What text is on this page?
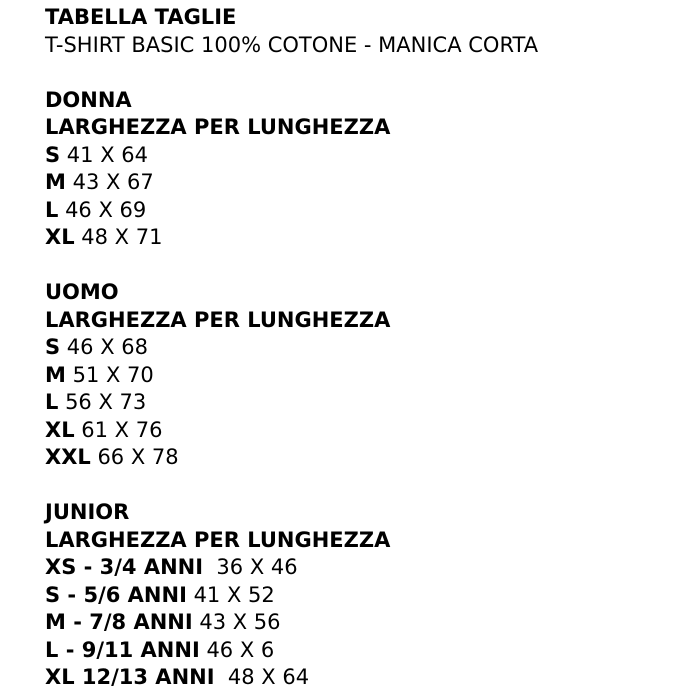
TABELLA TAGLIE
T-SHIRT BASIC 100% COTONE - MANICA CORTA
DONNA
LARGHEZZA PER LUNGHEZZA
S 41 X 64
M 43 X 67
L 46 X 69
XL 48 X 71
UOMO
LARGHEZZA PER LUNGHEZZA
S 46 X 68
M 51 X 70
L 56 X 73
XL 61 X 76
XXL 66 X 78
JUNIOR
LARGHEZZA PER LUNGHEZZA
XS - 3/4 ANNI  36 X 46
S - 5/6 ANNI 41 X 52
M - 7/8 ANNI 43 X 56
L - 9/11 ANNI 46 X 6
XL 12/13 ANNI  48 X 64
